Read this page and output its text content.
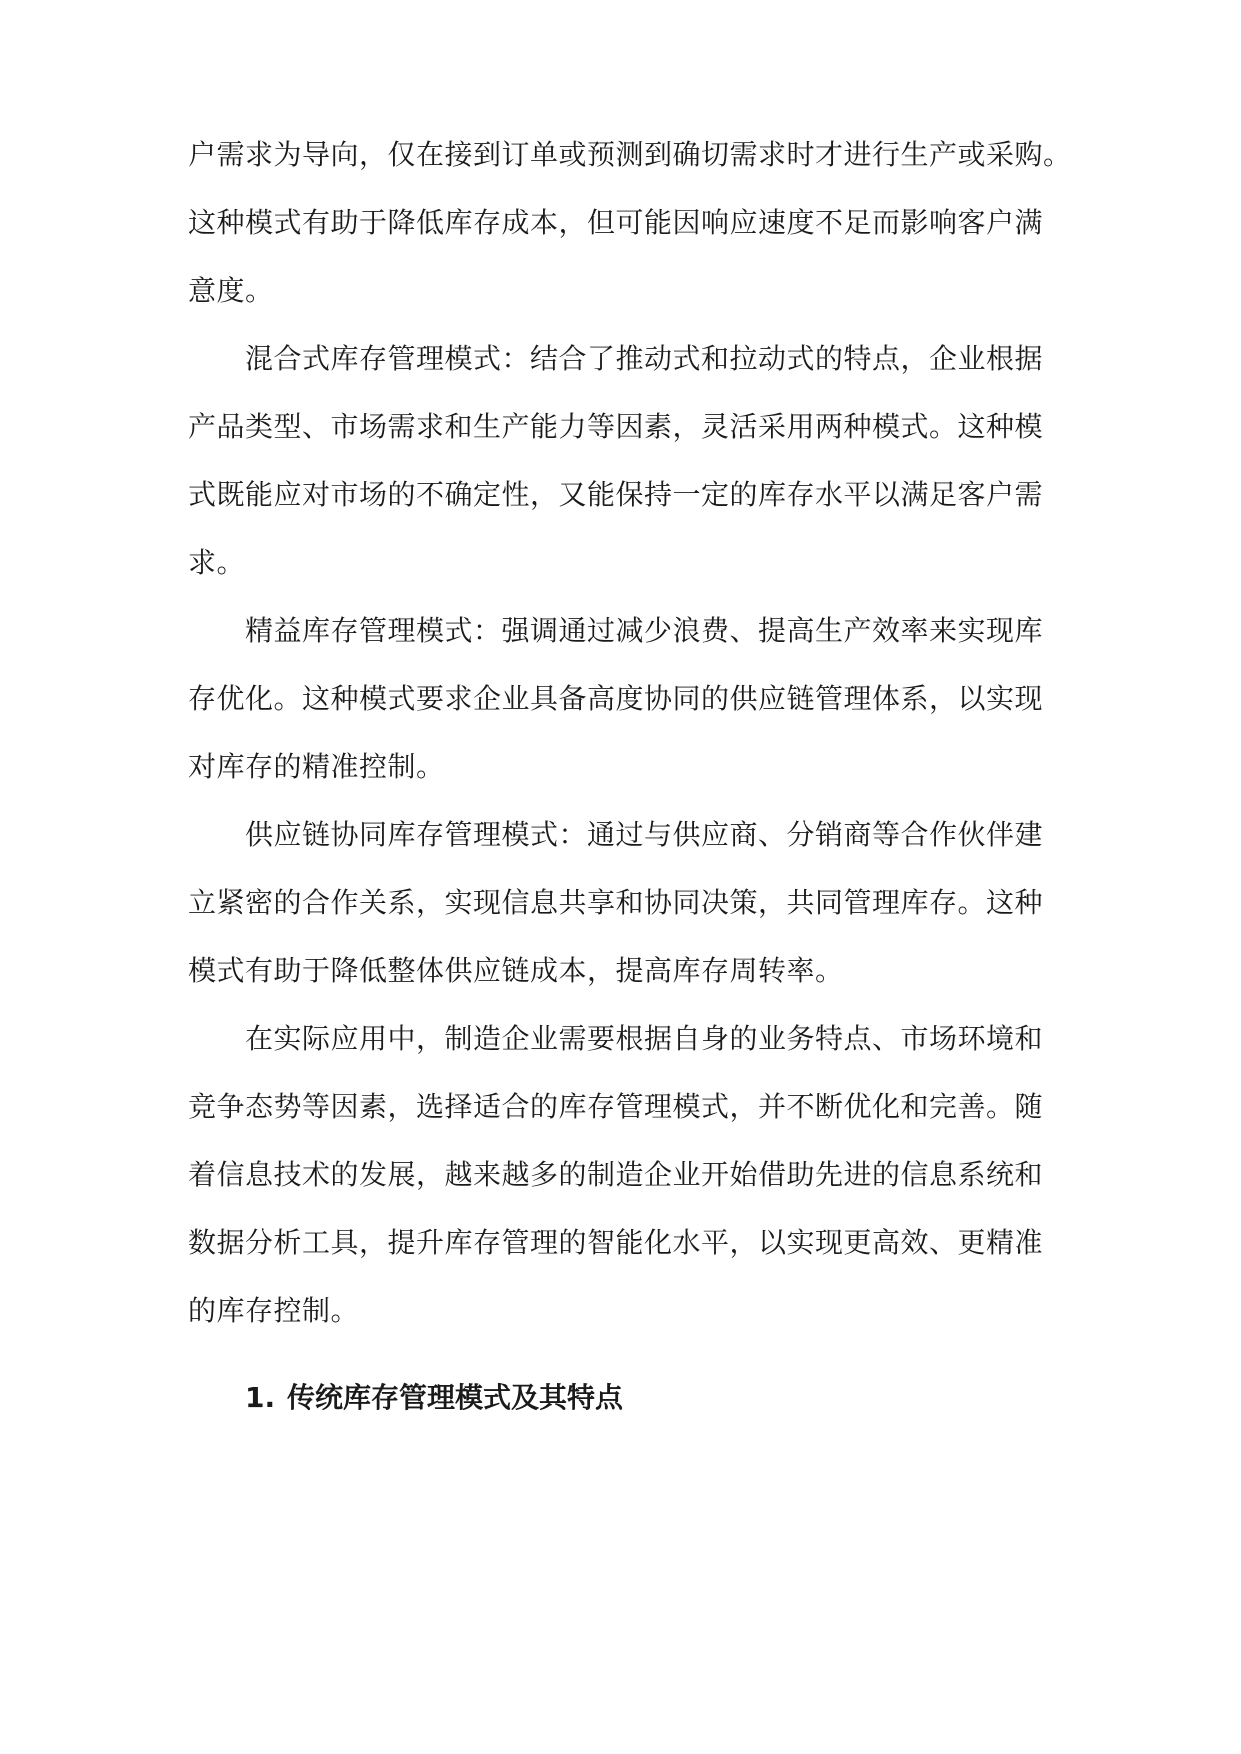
户需求为导向，仅在接到订单或预测到确切需求时才进行生产或采购。
这种模式有助于降低库存成本，但可能因响应速度不足而影响客户满
意度。
混合式库存管理模式：结合了推动式和拉动式的特点，企业根据
产品类型、市场需求和生产能力等因素，灵活采用两种模式。这种模
式既能应对市场的不确定性，又能保持一定的库存水平以满足客户需
求。
精益库存管理模式：强调通过减少浪费、提高生产效率来实现库
存优化。这种模式要求企业具备高度协同的供应链管理体系，以实现
对库存的精准控制。
供应链协同库存管理模式：通过与供应商、分销商等合作伙伴建
立紧密的合作关系，实现信息共享和协同决策，共同管理库存。这种
模式有助于降低整体供应链成本，提高库存周转率。
在实际应用中，制造企业需要根据自身的业务特点、市场环境和
竞争态势等因素，选择适合的库存管理模式，并不断优化和完善。随
着信息技术的发展，越来越多的制造企业开始借助先进的信息系统和
数据分析工具，提升库存管理的智能化水平，以实现更高效、更精准
的库存控制。
1. 传统库存管理模式及其特点
